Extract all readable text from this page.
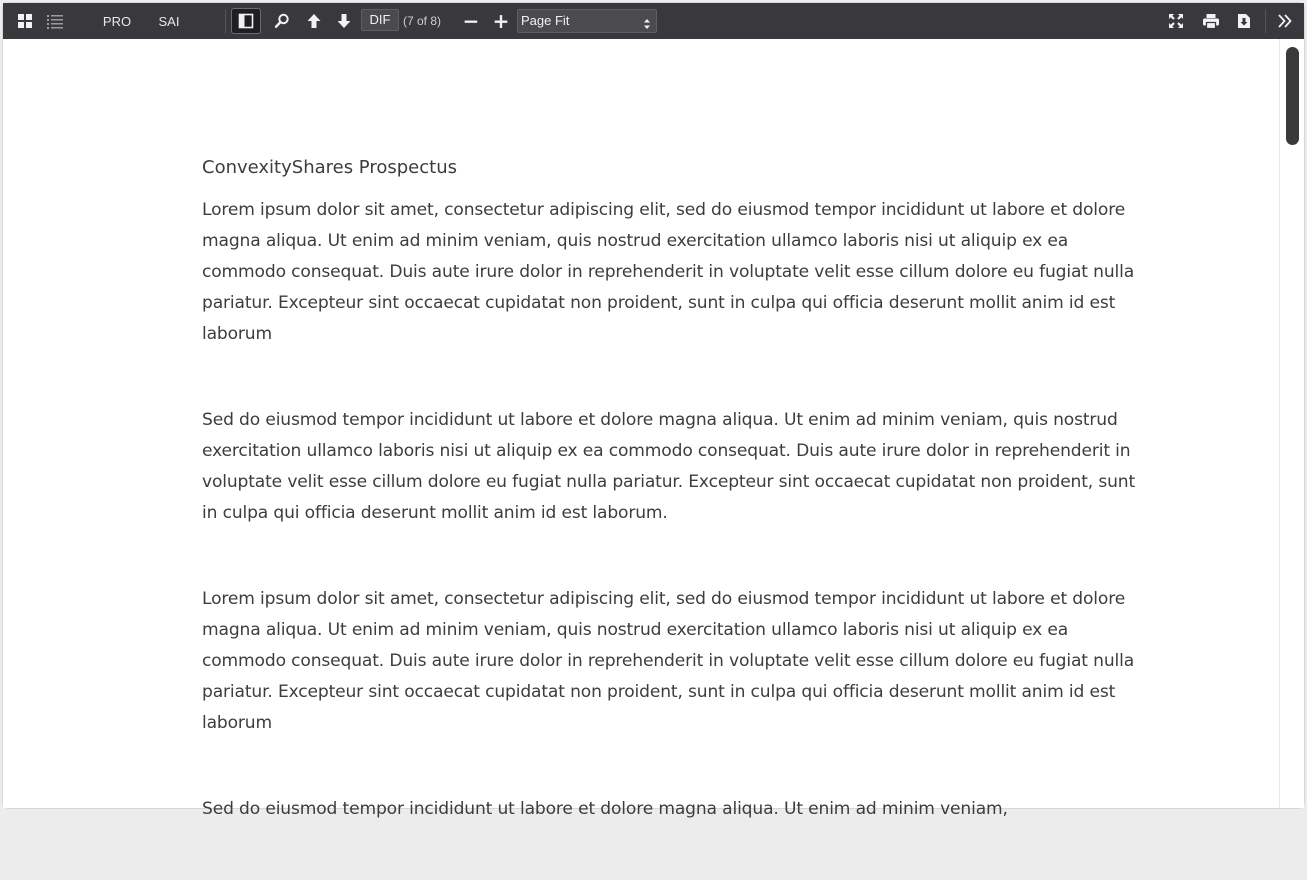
PRO	SAI	DIF	(7 of 8) − + Page Fit
ConvexityShares Prospectus

Lorem ipsum dolor sit amet, consectetur adipiscing elit, sed do eiusmod tempor incididunt ut labore et dolore magna aliqua. Ut enim ad minim veniam, quis nostrud exercitation ullamco laboris nisi ut aliquip ex ea commodo consequat. Duis aute irure dolor in reprehenderit in voluptate velit esse cillum dolore eu fugiat nulla pariatur. Excepteur sint occaecat cupidatat non proident, sunt in culpa qui officia deserunt mollit anim id est laborum

Sed do eiusmod tempor incididunt ut labore et dolore magna aliqua. Ut enim ad minim veniam, quis nostrud exercitation ullamco laboris nisi ut aliquip ex ea commodo consequat. Duis aute irure dolor in reprehenderit in voluptate velit esse cillum dolore eu fugiat nulla pariatur. Excepteur sint occaecat cupidatat non proident, sunt in culpa qui officia deserunt mollit anim id est laborum.

Lorem ipsum dolor sit amet, consectetur adipiscing elit, sed do eiusmod tempor incididunt ut labore et dolore magna aliqua. Ut enim ad minim veniam, quis nostrud exercitation ullamco laboris nisi ut aliquip ex ea commodo consequat. Duis aute irure dolor in reprehenderit in voluptate velit esse cillum dolore eu fugiat nulla pariatur. Excepteur sint occaecat cupidatat non proident, sunt in culpa qui officia deserunt mollit anim id est laborum

Sed do eiusmod tempor incididunt ut labore et dolore magna aliqua. Ut enim ad minim veniam,
